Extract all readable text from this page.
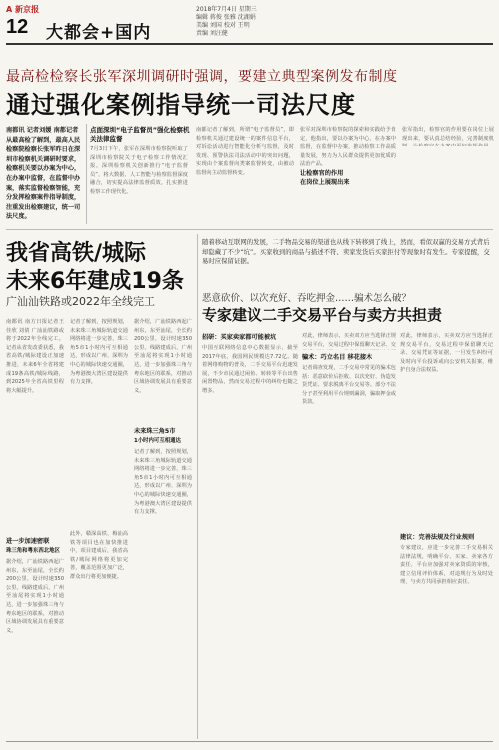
A 新京报
12 大都会+国内
2018年7月4日 星期三
编辑 蒋俊 张雅 沈湖娟
美编 刘国 校对 王明
责编 刘汪健
最高检检察长张军深圳调研时强调，要建立典型案例发布制度
通过强化案例指导统一司法尺度
南都讯 记者刘媛 南都记者从最高检了解到，最高人民检察院检察长张军昨日在深圳市检察机关调研时要求，检察机关要以办案为中心，在办案中监督，在监督中办案，落实监督检察智能，充分发挥检察案件指导制度，注重发出检察建议，统一司法尺度。
点面深圳“电子监督员”强化检察机关法律监督
7月3日下午，张军在深圳市检察院听取了深圳市检察院关于电子检察工作情况汇报。深圳检察机关创新推行“电子监督员”，将大数据、人工智能与检察监督深度融合，切实提高法律监督质效，扎实推进检察工作现代化。
南都记者了解到，所谓“电子监督员”，即检察机关通过建设统一的案件信息平台，对诉讼活动进行智能化分析与监督，及时发现、预警执法司法活动中的突出问题，实现由个案监督向类案监督转变，由被动监督向主动监督转变。
张军对深圳市检察院的探索和实践给予肯定，他指出，要以办案为中心，在办案中监督，在监督中办案，推动检察工作高质量发展，努力为人民群众提供更加优质的法治产品。
张军指出，检察官的作用要在岗位上展现出来，要认真总结经验，完善制度机
让检察官的作用
在岗位上展现出来
我省高铁/城际
未来6年建成19条
广汕汕铁路或2022年全线完工
南都讯 南方日报记者王佳欣 刘倩 广汕汕铁路或将于2022年全线完工。记者从省发改委获悉，我省高铁/城际建设正加速推进，未来6年全省将建成19条高铁/城际线路，到2025年全省高铁里程将大幅提升。
进一步加速密联
珠三角和粤东西北地区
据介绍，广汕铁路西起广州东，东至汕尾，全长约200公里，设计时速350公里。线路建成后，广州至汕尾将实现1小时通达，进一步加强珠三角与粤东地区的联系，对推动区域协调发展具有重要意义。
记者了解到，按照规划，未来珠三角城际轨道交通网络将进一步完善，珠三角5市1小时内可互相通达，形成以广州、深圳为中心的城际快速交通圈，为粤港澳大湾区建设提供有力支撑。
此外，赣深高铁、梅汕高铁等项目也在加快推进中，项目建成后，我省高铁/城际网络将更加完善，覆盖范围更加广泛，群众出行将更加便捷。
未来珠三角5市
1小时内可互相通达
据介绍，广汕铁路西起广州东，东至汕尾，全长约200公里，设计时速350公里。线路建成后，广州至汕尾将实现1小时通达，进一步加强珠三角与粤东地区的联系，对推动区域协调发展具有重要意义。
记者了解到，按照规划，未来珠三角城际轨道交通网络将进一步完善，珠三角5市1小时内可互相通达，形成以广州、深圳为中心的城际快速交通圈，为粤港澳大湾区建设提供有力支撑。
随着移动互联网的发展，二手物品交易的渠道也从线下转移到了线上，然而，看似双赢的交易方式背后却隐藏了不少“坑”。买家收到的商品与描述不符、卖家发货后买家拒付等现象时有发生。专家提醒，交易时应保留证据。
恶意砍价、以次充好、吞吃押金……骗术怎么破？
专家建议二手交易平台与卖方共担责
招研：买家卖家都可能被坑
中国互联网络信息中心数据显示，截至2017年底，我国网民规模达7.72亿。随着网络购物的普及，二手交易平台迅速发展，不少市民通过闲鱼、转转等平台出售闲置物品，然而交易过程中的纠纷也随之增多。
骗术：巧立名目 移花接木
对此，律师表示，买卖双方应当选择正规交易平台，交易过程中保留聊天记录、交
记者调查发现，二手交易中常见的骗术包括：恶意砍价后拒收、以次充好、伪造发货凭证、要求脱离平台交易等。部分不法分子甚至利用平台规则漏洞，骗取押金或货款。
对此，律师表示，买卖双方应当选择正规交易平台，交易过程中保留聊天记录、交易凭证等证据，一旦发生纠纷可及时向平台投诉或向公安机关报案，维护自身合法权益。
建议：完善法规及行业规则
专家建议，应进一步完善二手交易相关法律法规，明确平台、买家、卖家各方责任，平台应加强对卖家资质的审核，建立信用评价体系，对违规行为及时处理，与卖方共同承担相应责任。
